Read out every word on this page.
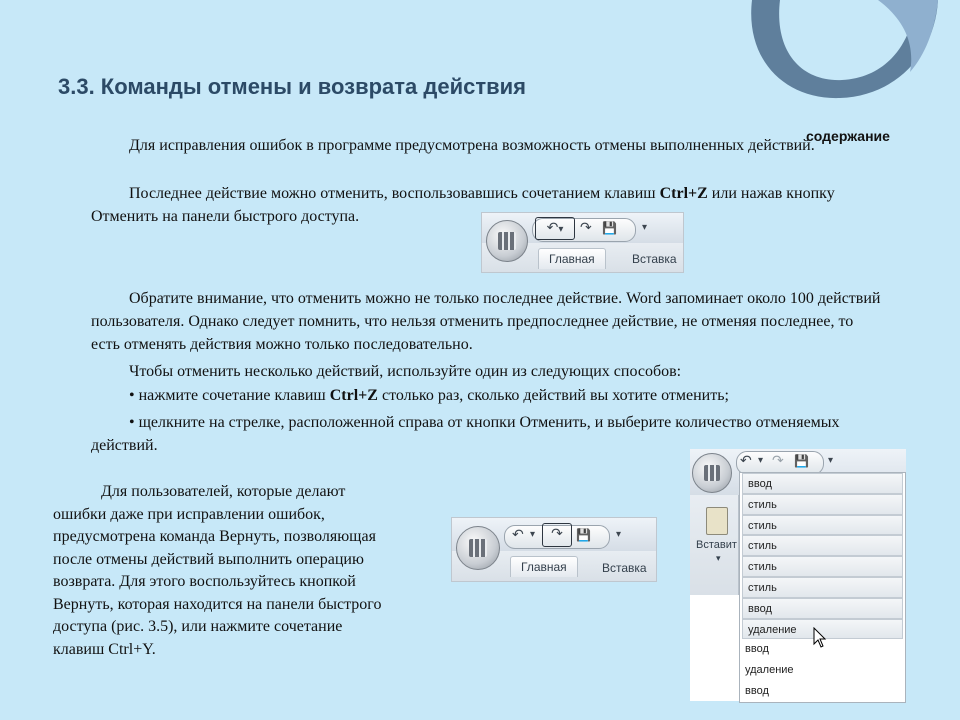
3.3. Команды отмены и возврата действия
содержание

Для исправления ошибок в программе предусмотрена возможность отмены выполненных действий.

Последнее действие можно отменить, воспользовавшись сочетанием клавиш Ctrl+Z или нажав кнопку Отменить на панели быстрого доступа.

↶▾	↷ 💾	▾
Главная	Вставка

Обратите внимание, что отменить можно не только последнее действие. Word запоминает около 100 действий пользователя. Однако следует помнить, что нельзя отменить предпоследнее действие, не отменяя последнее, то есть отменять действия можно только последовательно.

Чтобы отменить несколько действий, используйте один из следующих способов:

• нажмите сочетание клавиш Ctrl+Z столько раз, сколько действий вы хотите отменить;

• щелкните на стрелке, расположенной справа от кнопки Отменить, и выберите количество отменяемых действий.

↶ ▾ ↷ 💾 ▾
Вставит
▾
ввод
стиль
стиль
стиль
стиль
стиль
ввод
удаление
ввод
удаление
ввод
↶ ▾	↷	💾	▾
Главная	Вставка
Для пользователей, которые делают
ошибки даже при исправлении ошибок,
предусмотрена команда Вернуть, позволяющая
после отмены действий выполнить операцию
возврата. Для этого воспользуйтесь кнопкой
Вернуть, которая находится на панели быстрого
доступа (рис. 3.5), или нажмите сочетание
клавиш Ctrl+Y.
